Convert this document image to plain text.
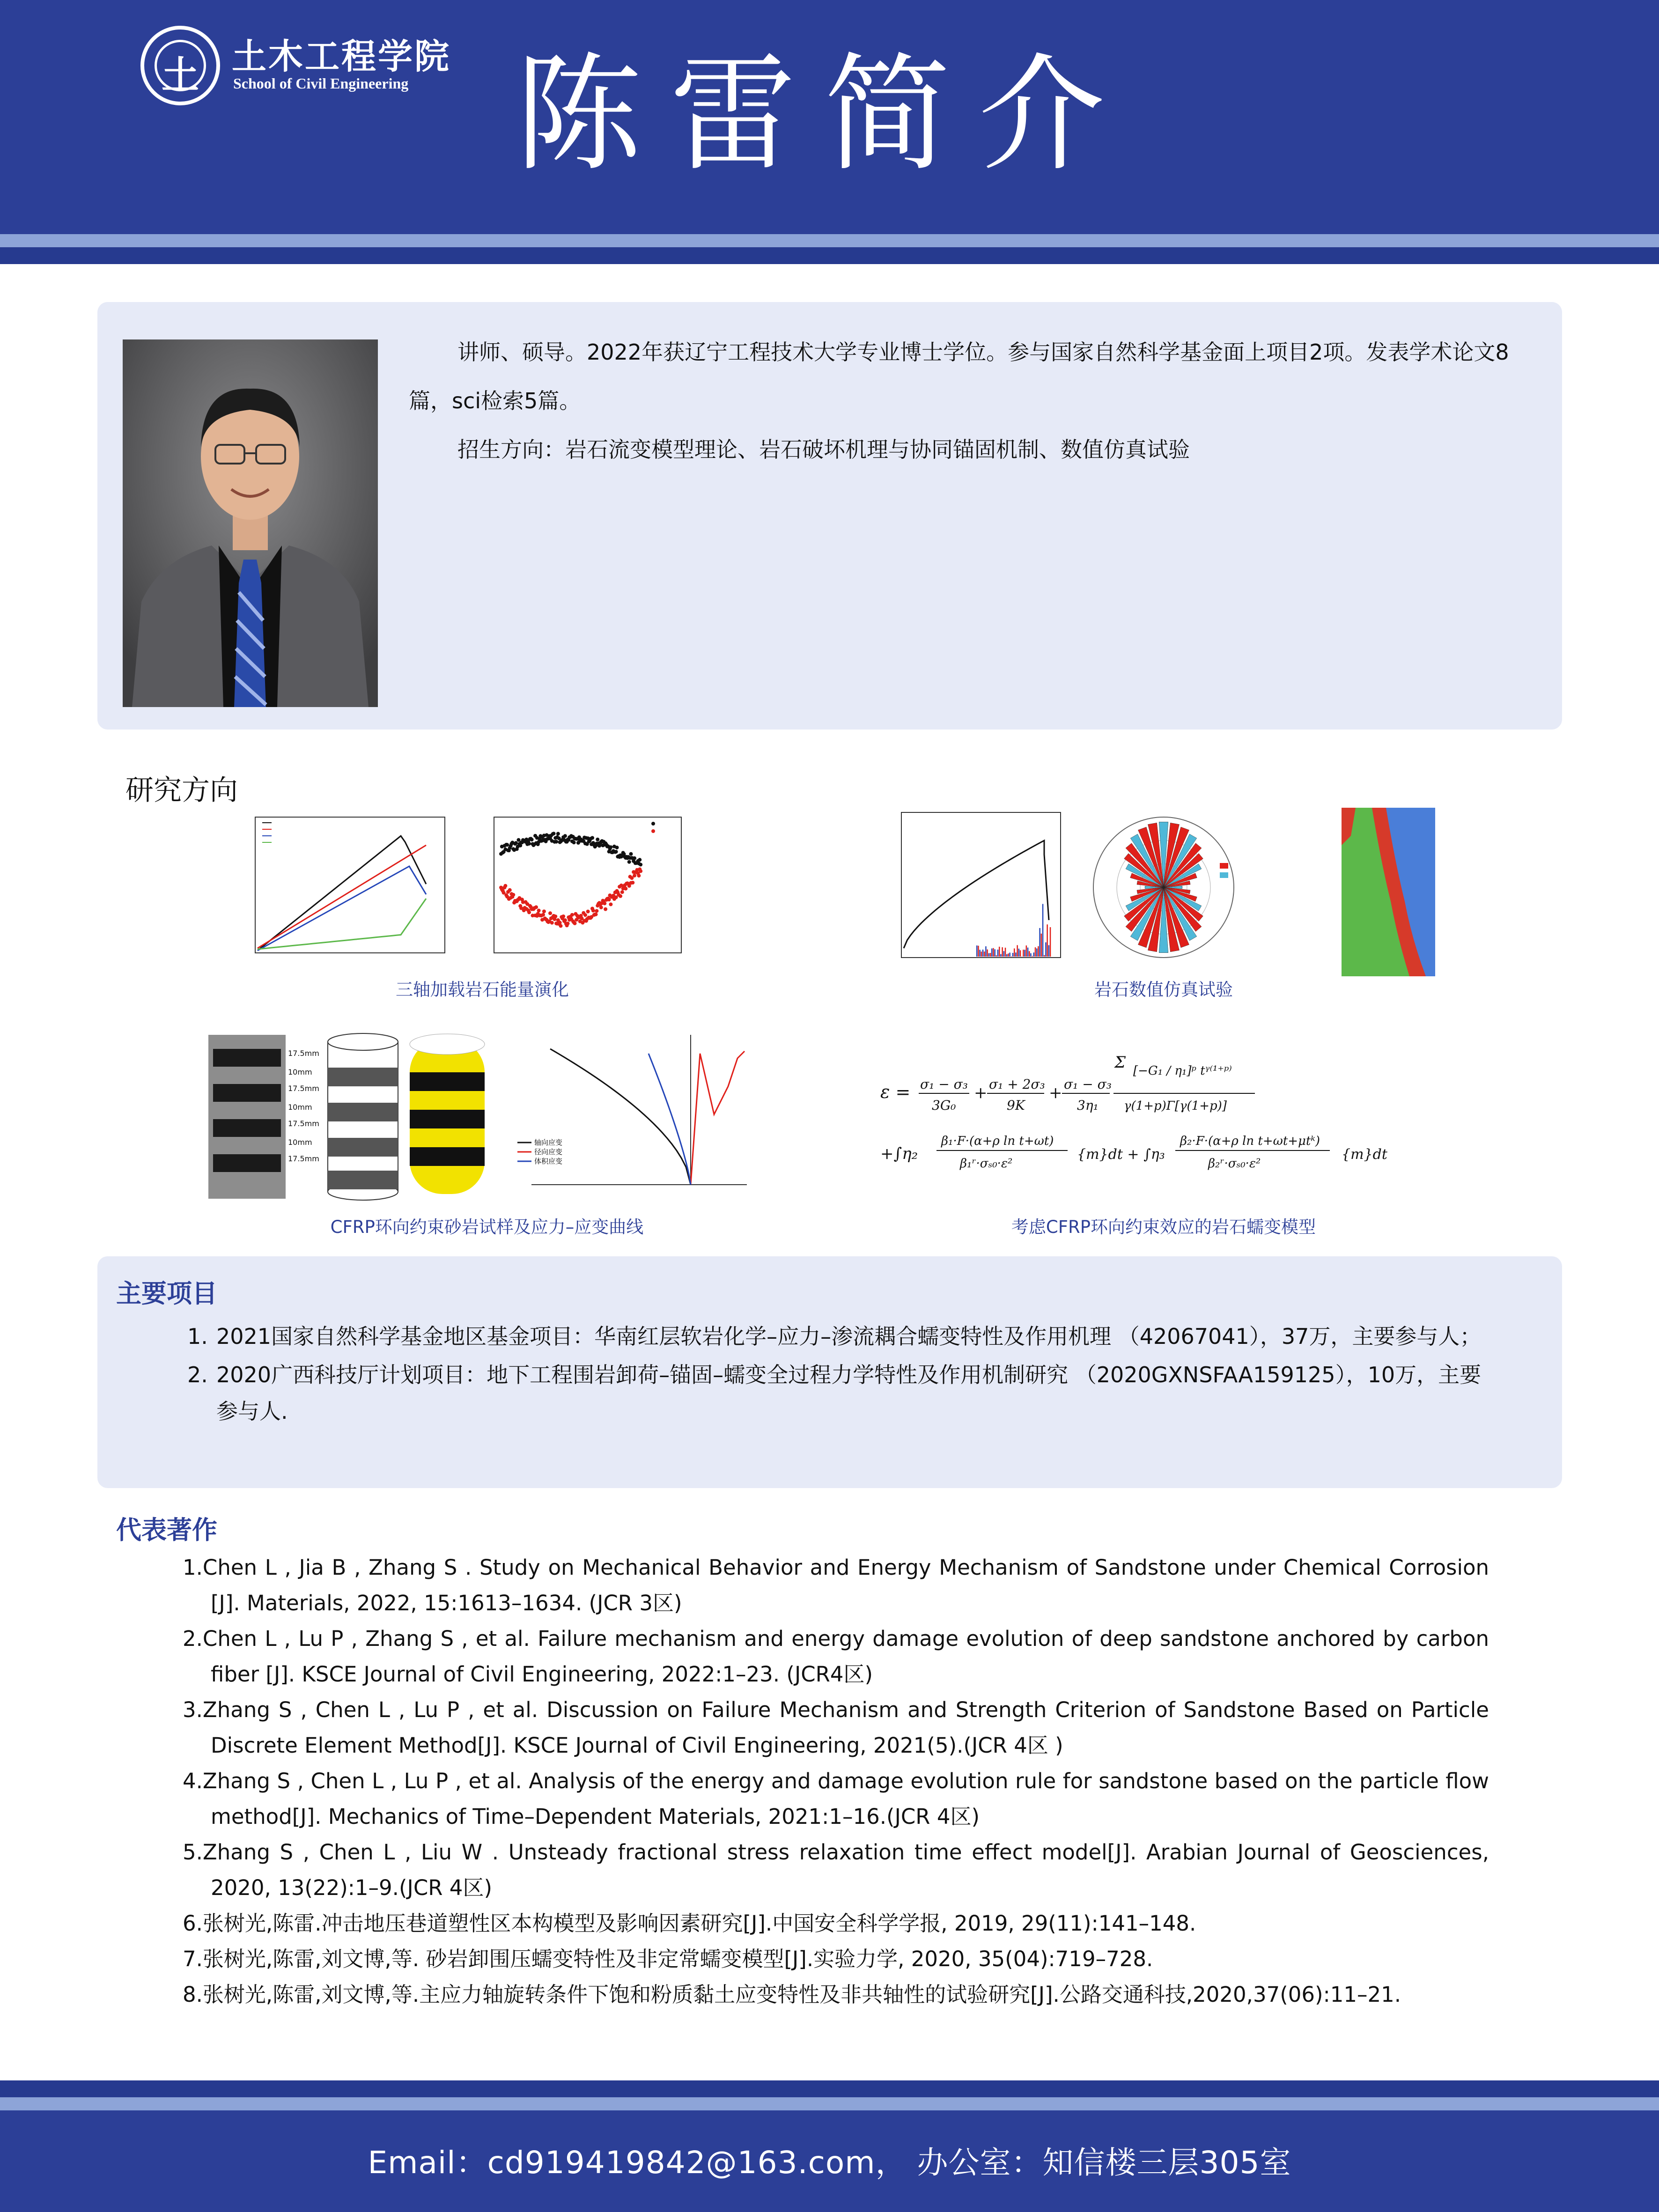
土 土木工程学院
School of Civil Engineering 陈雷简介

讲师、硕导。2022年获辽宁工程技术大学专业博士学位。参与国家自然科学基金面上项目2项。发表学术论文8篇，sci检索5篇。

招生方向：岩石流变模型理论、岩石破坏机理与协同锚固机制、数值仿真试验

研究方向
三轴加载岩石能量演化	岩石数值仿真试验
17.5mm
10mm
17.5mm
10mm
17.5mm
10mm
17.5mm
轴向应变
径向应变
体积应变
CFRP环向约束砂岩试样及应力–应变曲线
ε = σ₁ − σ₃
3G₀
+ σ₁ + 2σ₃
9K
+ σ₁ − σ₃
3η₁
Σ [−G₁ / η₁]ᵖ tᵞ⁽¹⁺ᵖ⁾
γ(1+p)Γ[γ(1+p)]
+∫η₂
β₁·F·(α+ρ ln t+ωt)
β₁ʳ·σₛ₀·ε²
{m}dt + ∫η₃
β₂·F·(α+ρ ln t+ωt+μtᵏ)
β₂ʳ·σₛ₀·ε²
{m}dt
考虑CFRP环向约束效应的岩石蠕变模型
主要项目
1. 2021国家自然科学基金地区基金项目：华南红层软岩化学–应力–渗流耦合蠕变特性及作用机理 （42067041），37万，主要参与人；
2. 2020广西科技厅计划项目：地下工程围岩卸荷–锚固–蠕变全过程力学特性及作用机制研究 （2020GXNSFAA159125），10万，主要参与人.
代表著作
1.Chen L , Jia B , Zhang S . Study on Mechanical Behavior and Energy Mechanism of Sandstone under Chemical Corrosion [J]. Materials, 2022, 15:1613–1634. (JCR 3区)
2.Chen L , Lu P , Zhang S , et al. Failure mechanism and energy damage evolution of deep sandstone anchored by carbon fiber [J]. KSCE Journal of Civil Engineering, 2022:1–23. (JCR4区)
3.Zhang S , Chen L , Lu P , et al. Discussion on Failure Mechanism and Strength Criterion of Sandstone Based on Particle Discrete Element Method[J]. KSCE Journal of Civil Engineering, 2021(5).(JCR 4区 )
4.Zhang S , Chen L , Lu P , et al. Analysis of the energy and damage evolution rule for sandstone based on the particle flow method[J]. Mechanics of Time–Dependent Materials, 2021:1–16.(JCR 4区)
5.Zhang S , Chen L , Liu W . Unsteady fractional stress relaxation time effect model[J]. Arabian Journal of Geosciences, 2020, 13(22):1–9.(JCR 4区)
6.张树光,陈雷.冲击地压巷道塑性区本构模型及影响因素研究[J].中国安全科学学报, 2019, 29(11):141–148.
7.张树光,陈雷,刘文博,等. 砂岩卸围压蠕变特性及非定常蠕变模型[J].实验力学, 2020, 35(04):719–728.
8.张树光,陈雷,刘文博,等.主应力轴旋转条件下饱和粉质黏土应变特性及非共轴性的试验研究[J].公路交通科技,2020,37(06):11–21.
Email：cd919419842@163.com， 办公室：知信楼三层305室
